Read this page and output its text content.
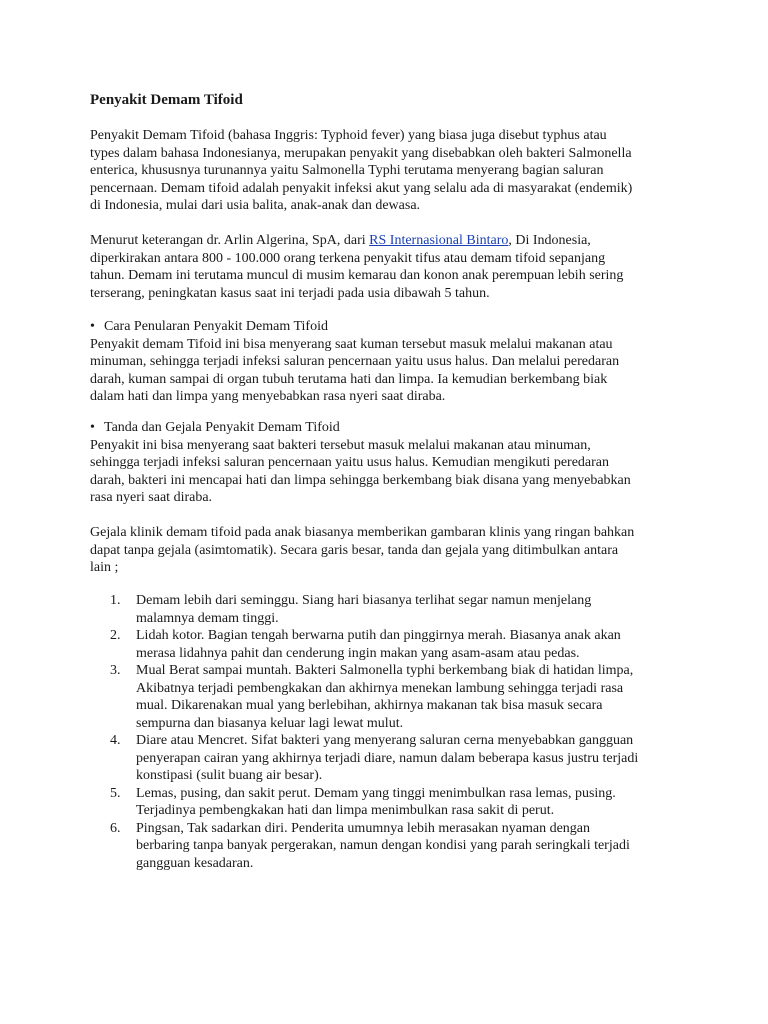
Penyakit Demam Tifoid
Penyakit Demam Tifoid (bahasa Inggris: Typhoid fever) yang biasa juga disebut typhus atau
types dalam bahasa Indonesianya, merupakan penyakit yang disebabkan oleh bakteri Salmonella
enterica, khususnya turunannya yaitu Salmonella Typhi terutama menyerang bagian saluran
pencernaan. Demam tifoid adalah penyakit infeksi akut yang selalu ada di masyarakat (endemik)
di Indonesia, mulai dari usia balita, anak-anak dan dewasa.
Menurut keterangan dr. Arlin Algerina, SpA, dari RS Internasional Bintaro, Di Indonesia,
diperkirakan antara 800 - 100.000 orang terkena penyakit tifus atau demam tifoid sepanjang
tahun. Demam ini terutama muncul di musim kemarau dan konon anak perempuan lebih sering
terserang, peningkatan kasus saat ini terjadi pada usia dibawah 5 tahun.
• Cara Penularan Penyakit Demam Tifoid
Penyakit demam Tifoid ini bisa menyerang saat kuman tersebut masuk melalui makanan atau
minuman, sehingga terjadi infeksi saluran pencernaan yaitu usus halus. Dan melalui peredaran
darah, kuman sampai di organ tubuh terutama hati dan limpa. Ia kemudian berkembang biak
dalam hati dan limpa yang menyebabkan rasa nyeri saat diraba.
• Tanda dan Gejala Penyakit Demam Tifoid
Penyakit ini bisa menyerang saat bakteri tersebut masuk melalui makanan atau minuman,
sehingga terjadi infeksi saluran pencernaan yaitu usus halus. Kemudian mengikuti peredaran
darah, bakteri ini mencapai hati dan limpa sehingga berkembang biak disana yang menyebabkan
rasa nyeri saat diraba.
Gejala klinik demam tifoid pada anak biasanya memberikan gambaran klinis yang ringan bahkan
dapat tanpa gejala (asimtomatik). Secara garis besar, tanda dan gejala yang ditimbulkan antara
lain ;
1. Demam lebih dari seminggu. Siang hari biasanya terlihat segar namun menjelang
malamnya demam tinggi.
2. Lidah kotor. Bagian tengah berwarna putih dan pinggirnya merah. Biasanya anak akan
merasa lidahnya pahit dan cenderung ingin makan yang asam-asam atau pedas.
3. Mual Berat sampai muntah. Bakteri Salmonella typhi berkembang biak di hatidan limpa,
Akibatnya terjadi pembengkakan dan akhirnya menekan lambung sehingga terjadi rasa
mual. Dikarenakan mual yang berlebihan, akhirnya makanan tak bisa masuk secara
sempurna dan biasanya keluar lagi lewat mulut.
4. Diare atau Mencret. Sifat bakteri yang menyerang saluran cerna menyebabkan gangguan
penyerapan cairan yang akhirnya terjadi diare, namun dalam beberapa kasus justru terjadi
konstipasi (sulit buang air besar).
5. Lemas, pusing, dan sakit perut. Demam yang tinggi menimbulkan rasa lemas, pusing.
Terjadinya pembengkakan hati dan limpa menimbulkan rasa sakit di perut.
6. Pingsan, Tak sadarkan diri. Penderita umumnya lebih merasakan nyaman dengan
berbaring tanpa banyak pergerakan, namun dengan kondisi yang parah seringkali terjadi
gangguan kesadaran.
